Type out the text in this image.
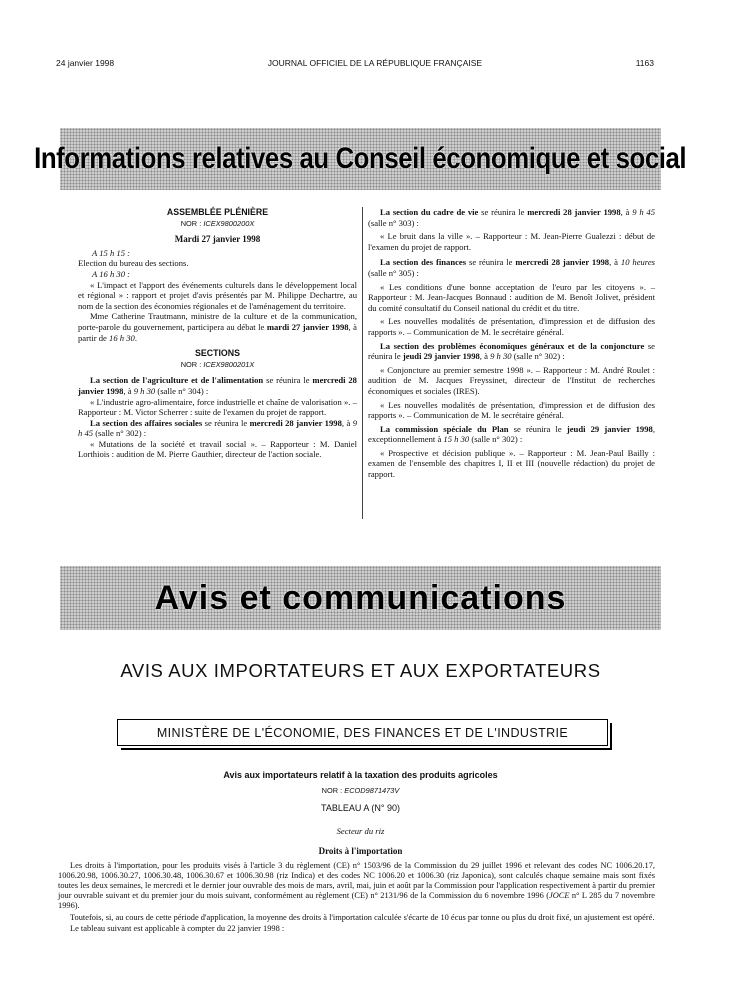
24 janvier 1998	JOURNAL OFFICIEL DE LA RÉPUBLIQUE FRANÇAISE	1163
Informations relatives au Conseil économique et social
ASSEMBLÉE PLÉNIÈRE
NOR : ICEX9800200X
Mardi 27 janvier 1998

A 15 h 15 :

Election du bureau des sections.

A 16 h 30 :

« L'impact et l'apport des événements culturels dans le développement local et régional » : rapport et projet d'avis présentés par M. Philippe Dechartre, au nom de la section des économies régionales et de l'aménagement du territoire.

Mme Catherine Trautmann, ministre de la culture et de la communication, porte-parole du gouvernement, participera au débat le mardi 27 janvier 1998, à partir de 16 h 30.

SECTIONS
NOR : ICEX9800201X

La section de l'agriculture et de l'alimentation se réunira le mercredi 28 janvier 1998, à 9 h 30 (salle n° 304) :

« L'industrie agro-alimentaire, force industrielle et chaîne de valorisation ». – Rapporteur : M. Victor Scherrer : suite de l'examen du projet de rapport.

La section des affaires sociales se réunira le mercredi 28 janvier 1998, à 9 h 45 (salle n° 302) :

« Mutations de la société et travail social ». – Rapporteur : M. Daniel Lorthiois : audition de M. Pierre Gauthier, directeur de l'action sociale.

La section du cadre de vie se réunira le mercredi 28 janvier 1998, à 9 h 45 (salle n° 303) :

« Le bruit dans la ville ». – Rapporteur : M. Jean-Pierre Gualezzi : début de l'examen du projet de rapport.

La section des finances se réunira le mercredi 28 janvier 1998, à 10 heures (salle n° 305) :

« Les conditions d'une bonne acceptation de l'euro par les citoyens ». – Rapporteur : M. Jean-Jacques Bonnaud : audition de M. Benoît Jolivet, président du comité consultatif du Conseil national du crédit et du titre.

« Les nouvelles modalités de présentation, d'impression et de diffusion des rapports ». – Communication de M. le secrétaire général.

La section des problèmes économiques généraux et de la conjoncture se réunira le jeudi 29 janvier 1998, à 9 h 30 (salle n° 302) :

« Conjoncture au premier semestre 1998 ». – Rapporteur : M. André Roulet : audition de M. Jacques Freyssinet, directeur de l'Institut de recherches économiques et sociales (IRES).

« Les nouvelles modalités de présentation, d'impression et de diffusion des rapports ». – Communication de M. le secrétaire général.

La commission spéciale du Plan se réunira le jeudi 29 janvier 1998, exceptionnellement à 15 h 30 (salle n° 302) :

« Prospective et décision publique ». – Rapporteur : M. Jean-Paul Bailly : examen de l'ensemble des chapitres I, II et III (nouvelle rédaction) du projet de rapport.

Avis et communications
AVIS AUX IMPORTATEURS ET AUX EXPORTATEURS
MINISTÈRE DE L'ÉCONOMIE, DES FINANCES ET DE L'INDUSTRIE
Avis aux importateurs relatif à la taxation des produits agricoles
NOR : ECOD9871473V
TABLEAU A (N° 90)
Secteur du riz
Droits à l'importation

Les droits à l'importation, pour les produits visés à l'article 3 du règlement (CE) n° 1503/96 de la Commission du 29 juillet 1996 et relevant des codes NC 1006.20.17, 1006.20.98, 1006.30.27, 1006.30.48, 1006.30.67 et 1006.30.98 (riz Indica) et des codes NC 1006.20 et 1006.30 (riz Japonica), sont calculés chaque semaine mais sont fixés toutes les deux semaines, le mercredi et le dernier jour ouvrable des mois de mars, avril, mai, juin et août par la Commission pour l'application respectivement à partir du premier jour ouvrable suivant et du premier jour du mois suivant, conformément au règlement (CE) n° 2131/96 de la Commission du 6 novembre 1996 (JOCE n° L 285 du 7 novembre 1996).

Toutefois, si, au cours de cette période d'application, la moyenne des droits à l'importation calculée s'écarte de 10 écus par tonne ou plus du droit fixé, un ajustement est opéré.

Le tableau suivant est applicable à compter du 22 janvier 1998 :
